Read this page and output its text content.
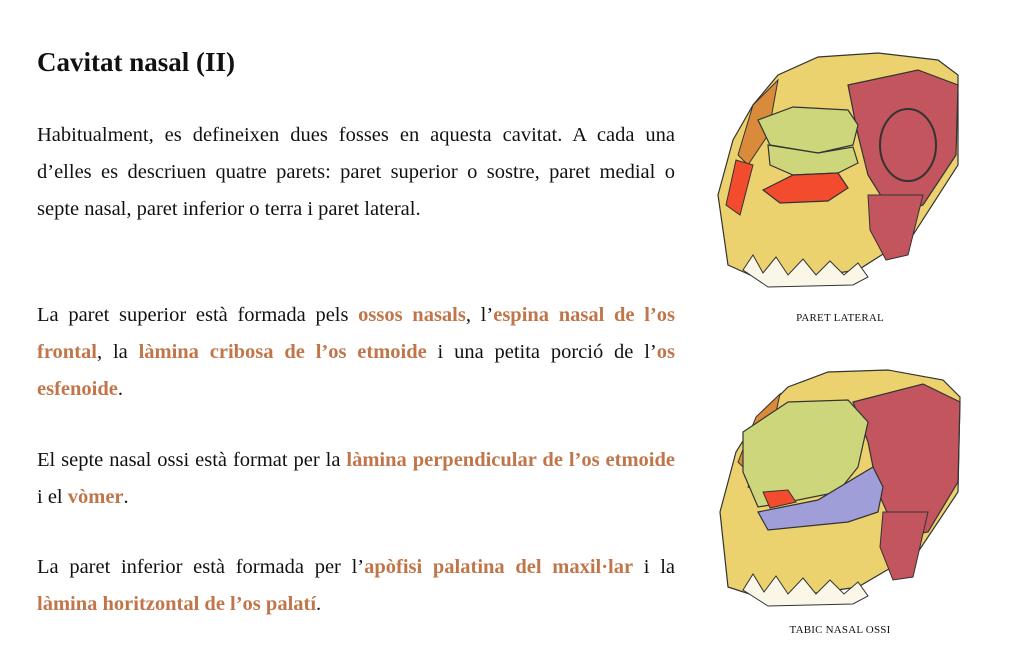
Cavitat nasal (II)

Habitualment, es defineixen dues fosses en aquesta cavitat. A cada una d’elles es descriuen quatre parets: paret superior o sostre, paret medial o septe nasal, paret inferior o terra i paret lateral.

La paret superior està formada pels ossos nasals, l’espina nasal de l’os frontal, la làmina cribosa de l’os etmoide i una petita porció de l’os esfenoide.

El septe nasal ossi està format per la làmina perpendicular de l’os etmoide i el vòmer.

La paret inferior està formada per l’apòfisi palatina del maxil·lar i la làmina horitzontal de l’os palatí.

PARET LATERAL
TABIC NASAL OSSI
